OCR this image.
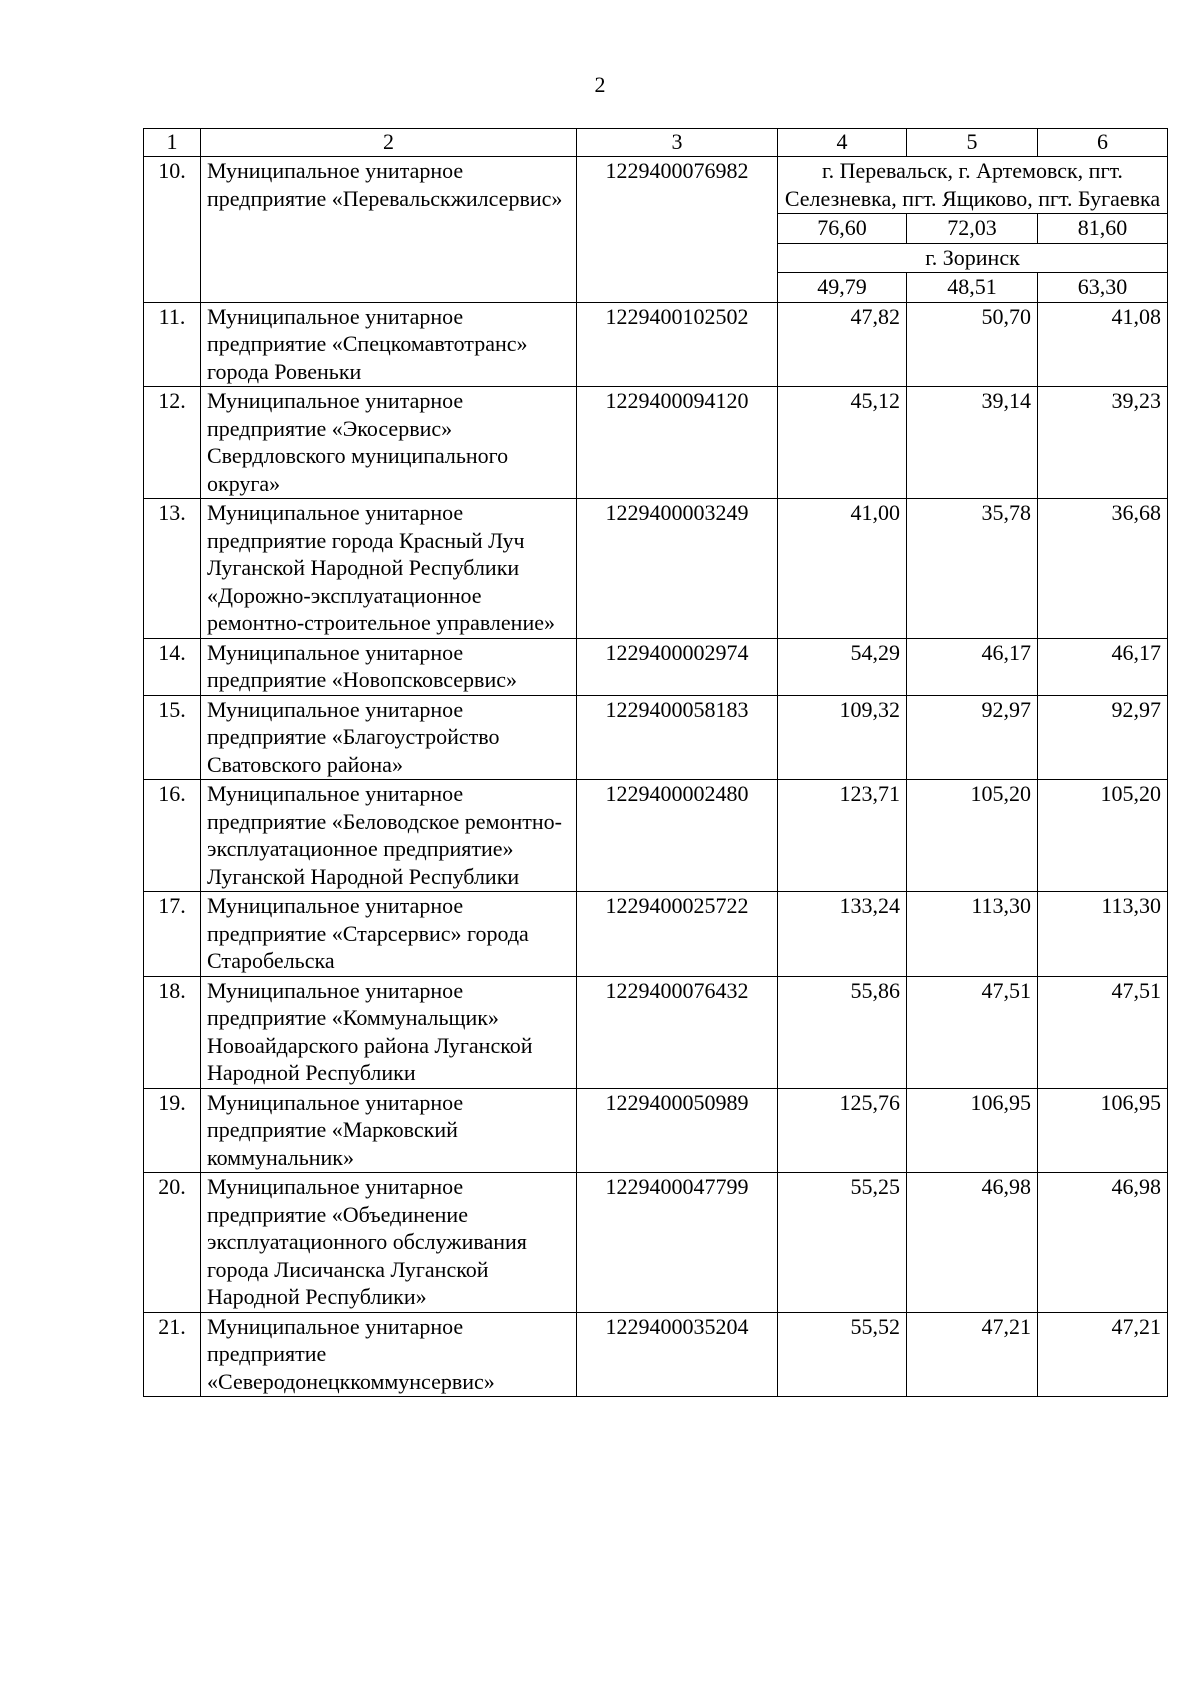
2
1	2	3	4	5	6
10.	Муниципальное унитарное предприятие «Перевальскжилсервис»	1229400076982	г. Перевальск, г. Артемовск, пгт. Селезневка, пгт. Ящиково, пгт. Бугаевка		
			76,60	72,03	81,60
			г. Зоринск		
			49,79	48,51	63,30
11.	Муниципальное унитарное предприятие «Спецкомавтотранс» города Ровеньки	1229400102502	47,82	50,70	41,08
12.	Муниципальное унитарное предприятие «Экосервис» Свердловского муниципального округа»	1229400094120	45,12	39,14	39,23
13.	Муниципальное унитарное предприятие города Красный Луч Луганской Народной Республики «Дорожно-эксплуатационное ремонтно-строительное управление»	1229400003249	41,00	35,78	36,68
14.	Муниципальное унитарное предприятие «Новопсковсервис»	1229400002974	54,29	46,17	46,17
15.	Муниципальное унитарное предприятие «Благоустройство Сватовского района»	1229400058183	109,32	92,97	92,97
16.	Муниципальное унитарное предприятие «Беловодское ремонтно-эксплуатационное предприятие» Луганской Народной Республики	1229400002480	123,71	105,20	105,20
17.	Муниципальное унитарное предприятие «Старсервис» города Старобельска	1229400025722	133,24	113,30	113,30
18.	Муниципальное унитарное предприятие «Коммунальщик» Новоайдарского района Луганской Народной Республики	1229400076432	55,86	47,51	47,51
19.	Муниципальное унитарное предприятие «Марковский коммунальник»	1229400050989	125,76	106,95	106,95
20.	Муниципальное унитарное предприятие «Объединение эксплуатационного обслуживания города Лисичанска Луганской Народной Республики»	1229400047799	55,25	46,98	46,98
21.	Муниципальное унитарное предприятие «Северодонецккоммунсервис»	1229400035204	55,52	47,21	47,21
